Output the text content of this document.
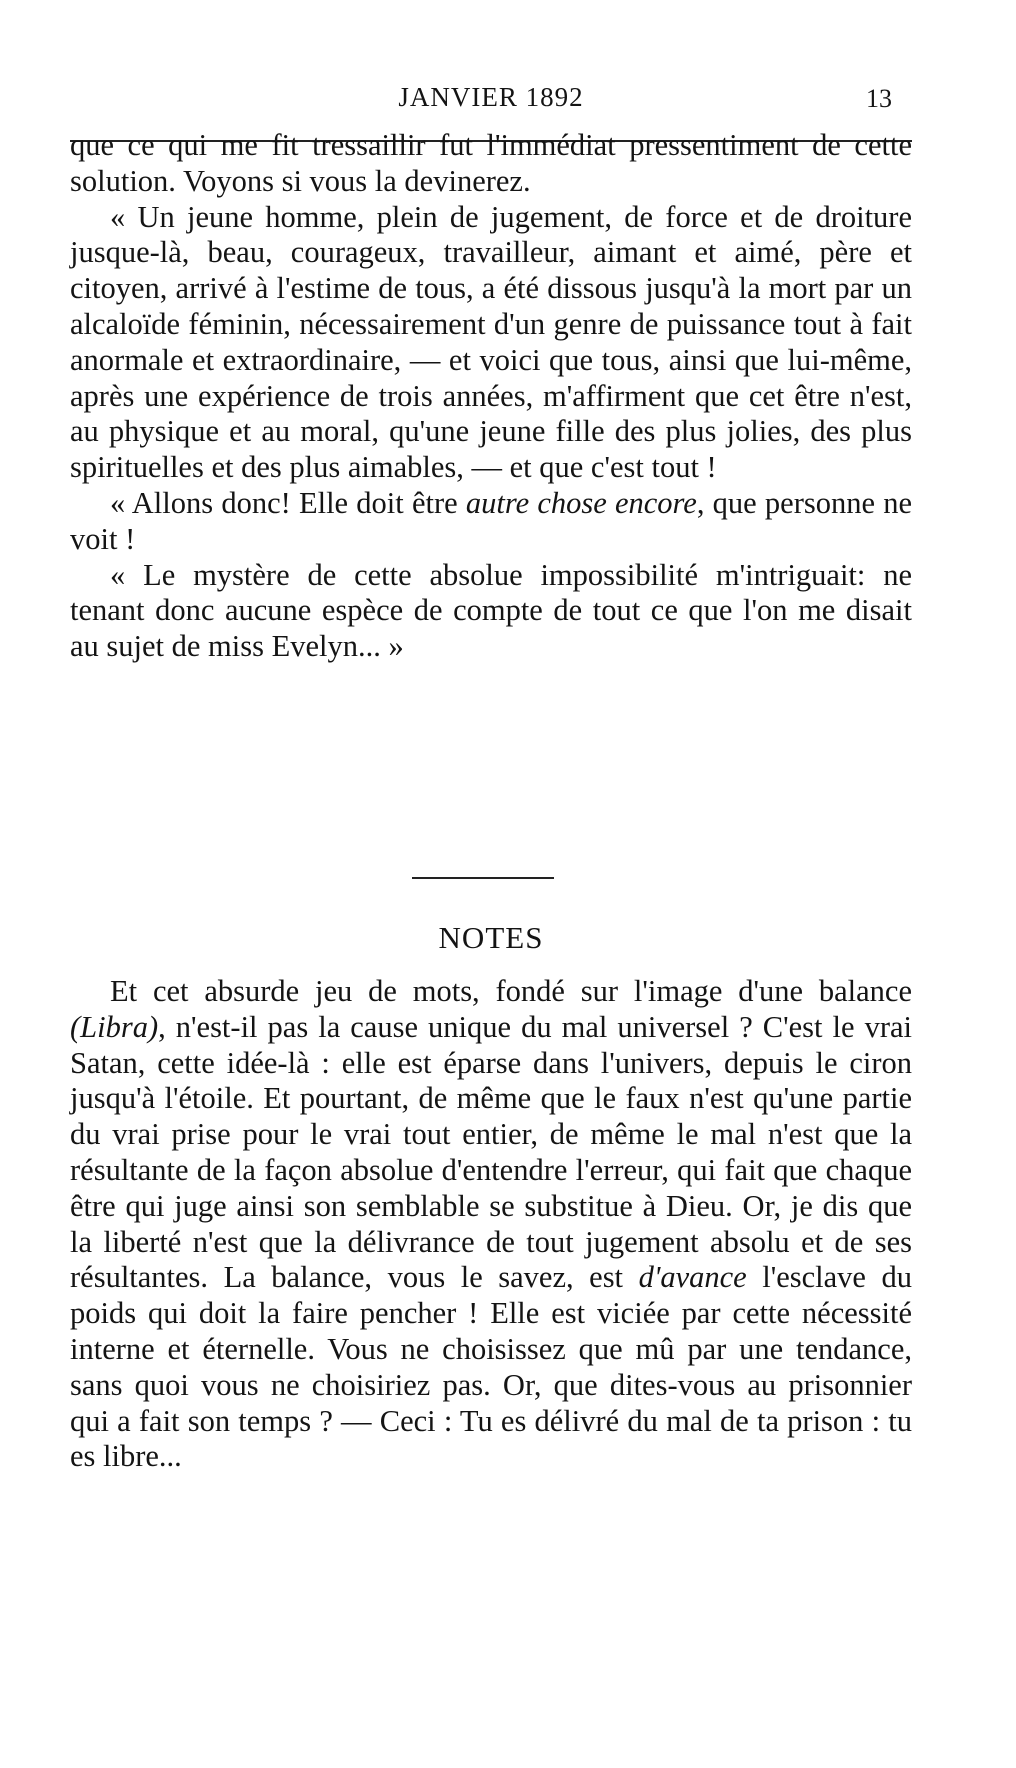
JANVIER 1892	13

que ce qui me fit tressaillir fut l'immédiat pressentiment de cette solution. Voyons si vous la devinerez.

« Un jeune homme, plein de jugement, de force et de droiture jusque-là, beau, courageux, travailleur, aimant et aimé, père et citoyen, arrivé à l'estime de tous, a été dissous jusqu'à la mort par un alcaloïde féminin, nécessairement d'un genre de puissance tout à fait anormale et extraordinaire, — et voici que tous, ainsi que lui-même, après une expérience de trois années, m'affirment que cet être n'est, au physique et au moral, qu'une jeune fille des plus jolies, des plus spirituelles et des plus aimables, — et que c'est tout !

« Allons donc! Elle doit être autre chose encore, que personne ne voit !

« Le mystère de cette absolue impossibilité m'intriguait: ne tenant donc aucune espèce de compte de tout ce que l'on me disait au sujet de miss Evelyn... »

NOTES

Et cet absurde jeu de mots, fondé sur l'image d'une balance (Libra), n'est-il pas la cause unique du mal universel ? C'est le vrai Satan, cette idée-là : elle est éparse dans l'univers, depuis le ciron jusqu'à l'étoile. Et pourtant, de même que le faux n'est qu'une partie du vrai prise pour le vrai tout entier, de même le mal n'est que la résultante de la façon absolue d'entendre l'erreur, qui fait que chaque être qui juge ainsi son semblable se substitue à Dieu. Or, je dis que la liberté n'est que la délivrance de tout jugement absolu et de ses résultantes. La balance, vous le savez, est d'avance l'esclave du poids qui doit la faire pencher ! Elle est viciée par cette nécessité interne et éternelle. Vous ne choisissez que mû par une tendance, sans quoi vous ne choisiriez pas. Or, que dites-vous au prisonnier qui a fait son temps ? — Ceci : Tu es délivré du mal de ta prison : tu es libre...
